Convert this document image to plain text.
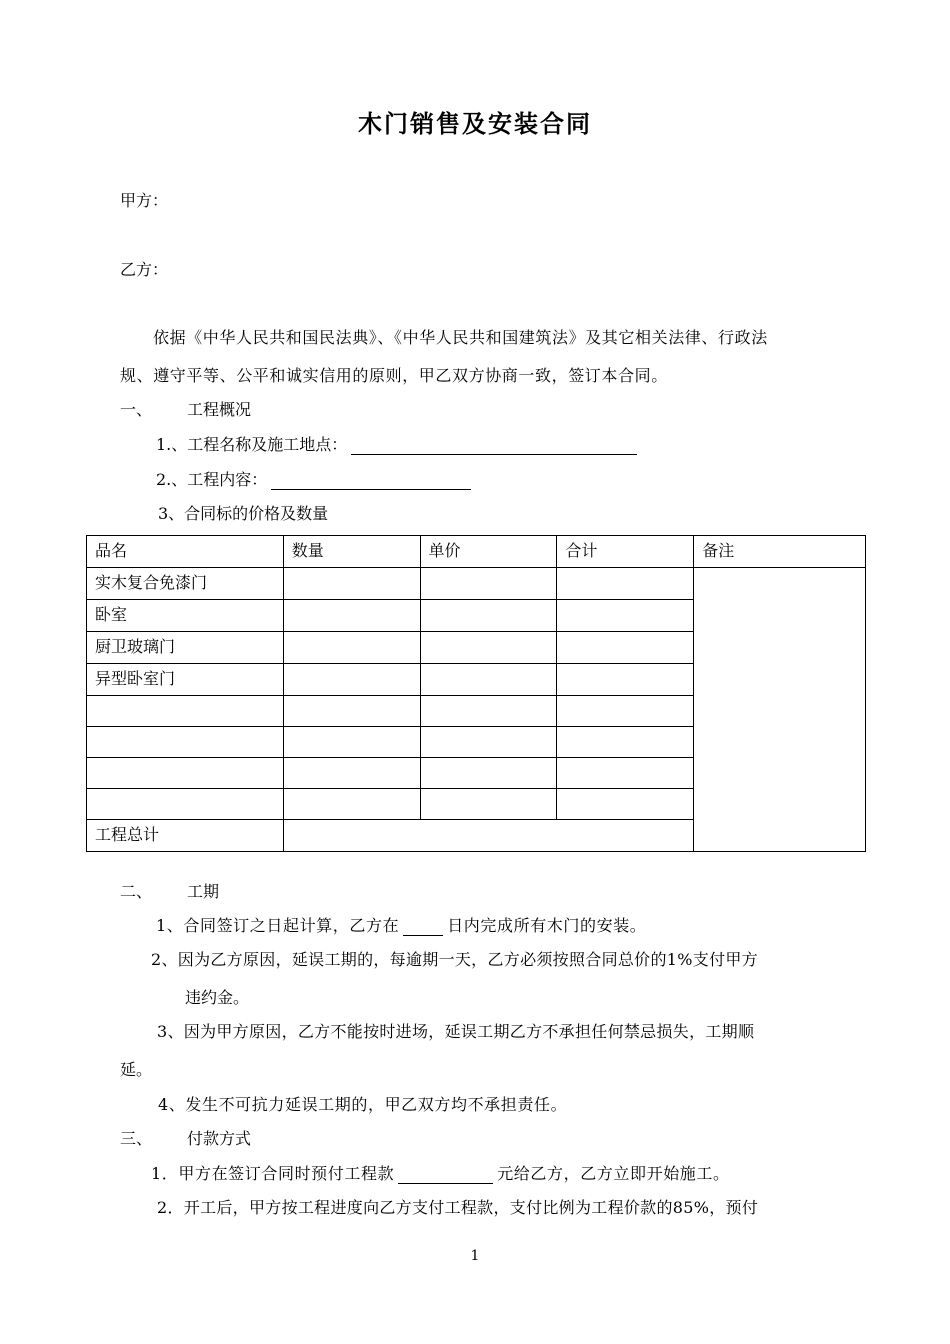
木门销售及安装合同
甲方：
乙方：
依据《中华人民共和国民法典》、《中华人民共和国建筑法》及其它相关法律、行政法
规、遵守平等、公平和诚实信用的原则，甲乙双方协商一致，签订本合同。
一、 工程概况
1.、工程名称及施工地点：
2.、工程内容：
3、合同标的价格及数量
品名	数量	单价	合计	备注
实木复合免漆门				
卧室				
厨卫玻璃门				
异型卧室门				

工程总计				
二、 工期
1、合同签订之日起计算，乙方在	日内完成所有木门的安装。
2、因为乙方原因，延误工期的，每逾期一天，乙方必须按照合同总价的1%支付甲方
违约金。
3、因为甲方原因，乙方不能按时进场，延误工期乙方不承担任何禁忌损失，工期顺
延。
4、发生不可抗力延误工期的，甲乙双方均不承担责任。
三、 付款方式
1．甲方在签订合同时预付工程款	元给乙方，乙方立即开始施工。
2．开工后，甲方按工程进度向乙方支付工程款，支付比例为工程价款的85%，预付
1
